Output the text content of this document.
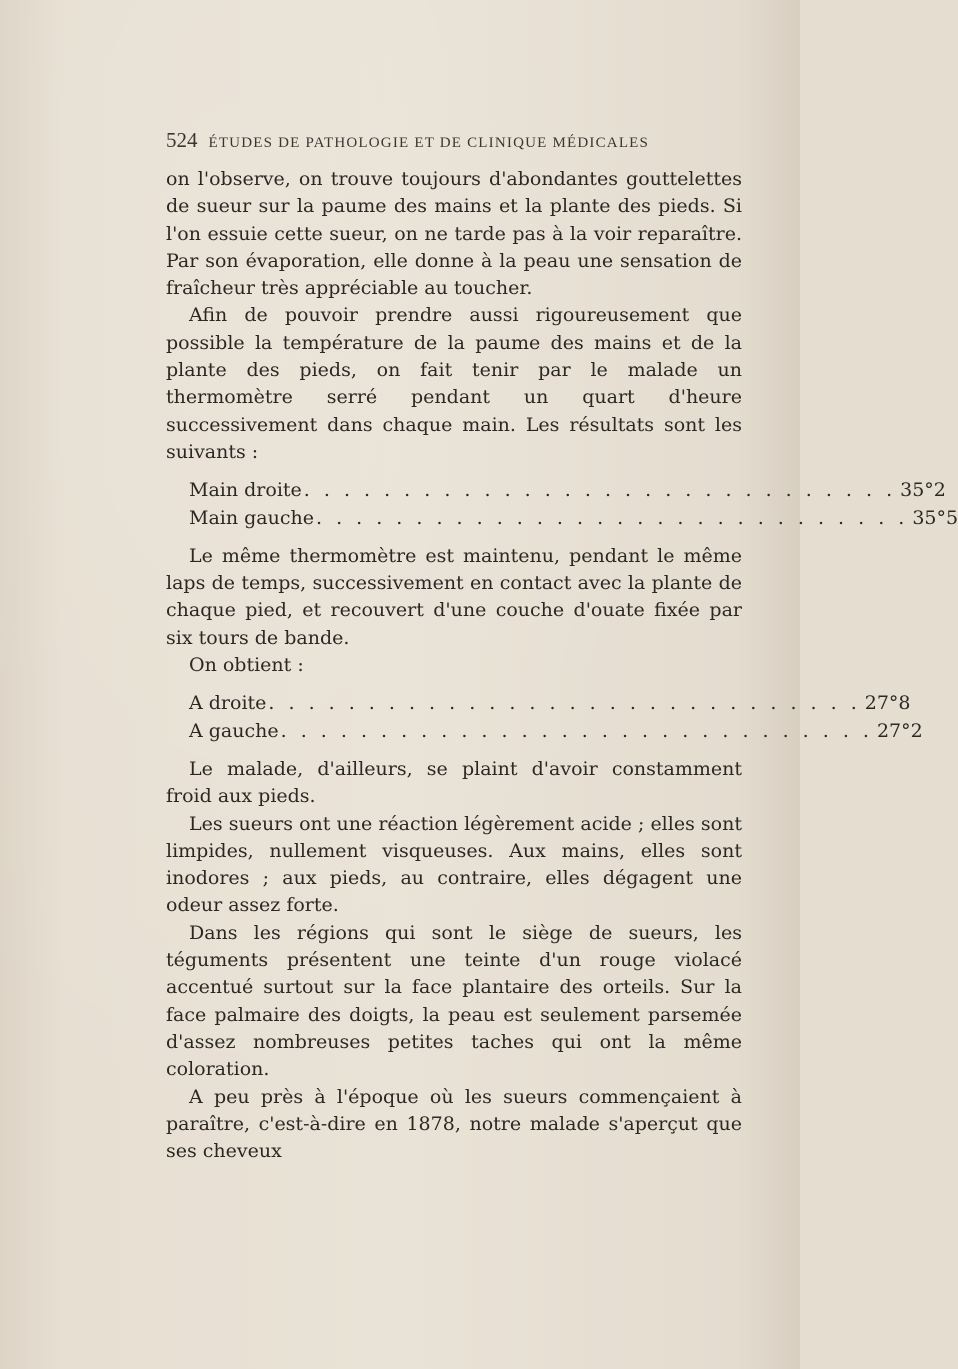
524 ÉTUDES DE PATHOLOGIE ET DE CLINIQUE MÉDICALES

on l'observe, on trouve toujours d'abondantes gouttelettes de sueur sur la paume des mains et la plante des pieds. Si l'on essuie cette sueur, on ne tarde pas à la voir reparaître. Par son évaporation, elle donne à la peau une sensation de fraîcheur très appréciable au toucher.

Afin de pouvoir prendre aussi rigoureusement que possible la température de la paume des mains et de la plante des pieds, on fait tenir par le malade un thermomètre serré pendant un quart d'heure successivement dans chaque main. Les résultats sont les suivants :

Main droite . . . . . . . . . . . . . . . . . . . . . . . . . . . . . . 35°2
Main gauche . . . . . . . . . . . . . . . . . . . . . . . . . . . . . . 35°5

Le même thermomètre est maintenu, pendant le même laps de temps, successivement en contact avec la plante de chaque pied, et recouvert d'une couche d'ouate fixée par six tours de bande.

On obtient :

A droite . . . . . . . . . . . . . . . . . . . . . . . . . . . . . . 27°8
A gauche . . . . . . . . . . . . . . . . . . . . . . . . . . . . . . 27°2

Le malade, d'ailleurs, se plaint d'avoir constamment froid aux pieds.

Les sueurs ont une réaction légèrement acide ; elles sont limpides, nullement visqueuses. Aux mains, elles sont inodores ; aux pieds, au contraire, elles dégagent une odeur assez forte.

Dans les régions qui sont le siège de sueurs, les téguments présentent une teinte d'un rouge violacé accentué surtout sur la face plantaire des orteils. Sur la face palmaire des doigts, la peau est seulement parsemée d'assez nombreuses petites taches qui ont la même coloration.

A peu près à l'époque où les sueurs commençaient à paraître, c'est-à-dire en 1878, notre malade s'aperçut que ses cheveux
